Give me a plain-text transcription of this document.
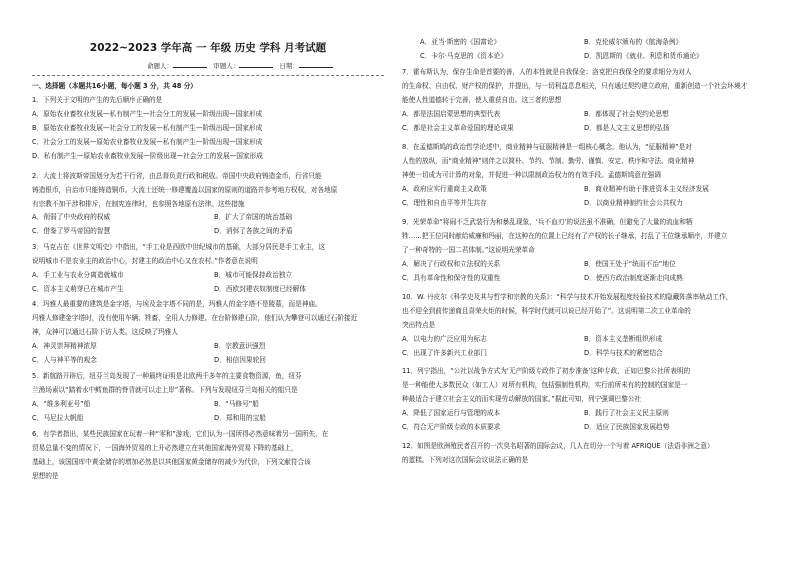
2022~2023 学年高 一 年级 历史 学科 月考试题
命题人：	审题人：	日期：
一、选择题（本题共16小题，每小题 3 分，共 48 分）
1．下列关于文明的产生的先后顺序正确的是
A．原始农业畜牧业发展—私有制产生—社会分工的发展—阶级出现—国家形成
B．原始农业畜牧业发展—社会分工的发展—私有制产生—阶级出现—国家形成
C．社会分工的发展—原始农业畜牧业发展—私有制产生—阶级出现—国家形成
D．私有制产生—原始农业畜牧业发展—阶级出现—社会分工的发展—国家形成
2．大流士将波斯帝国划分为若干行省，由总督负责行政和税收。帝国中央政府铸造金币，行省只能
铸造银币，自治市只能铸造铜币。大流士还统一修建覆盖以国家的原则的道路并参考地方权权，对各地原
有宗教不加干涉和排斥，在制宪连律时，也参照各地原有法律。这些措施
A．削弱了中央政府的权威	B．扩大了帝国的统治基础
C．借鉴了罗马帝国的智慧	D．消弭了各族之间的矛盾
3．马克吉在《世界文明史》中指出，“手工业是西欧中世纪城市的基础，大部分居民是手工业主，这
说明城市不是农业主的政治中心，封建主的政治中心又在农村。”作者意在说明
A．手工业与农业分离造就城市	B．城市可能保持政治独立
C．资本主义萌芽已在城市产生	D．西欧封建农奴制度已经解体
4．玛雅人最重要的建筑是金字塔，与埃及金字塔不同的是，玛雅人的金字塔不是陵墓，而是神庙。
玛雅人修建金字塔时，没有使用车辆、牲畜，全用人力修建。在台阶修建石阶，他们认为攀登可以通过石阶接近
神，众神可以通过石阶下访人类。这反映了玛雅人
A．神灵崇拜精神浓厚	B．宗教意识强烈
C．人与神平等的观念	D．相信因果轮回
5．新航路开辟后，纽芬兰岛发现了一种最终证明是北欧两千多年的主要食物资源，鱼，纽芬
兰渔场素以“踏着水中鳕鱼群的脊背就可以走上岸”著称。下列与发现纽芬兰岛相关的船只是
A．“维多利亚号”船	B．“马修号”船
C．马尼拉大帆船	D．郑和用的宝船
6．有学者指出，某些民族国家在玩着一种“零和”游戏，它们认为一国所得必然意味着另一国所失，在
贸易总量不变的情况下，一国海外贸易的上升必然建立在其他国家海外贸易下降的基础上，
基础上，该国国库中黄金储存的增加必然是以其他国家黄金储存的减少为代价，下列文献符合该
思想的是
A．亚当·斯密的《国富论》	B．克伦威尔颁布的《航海条例》
C．卡尔·马克思的《资本论》	D．凯恩斯的《就业、利息和货币通论》
7．霍布斯认为，保存生命是首要的善，人的本性就是自我保全；洛克把自我保全的要求细分为对人
的生命权、自由权、财产权的保护，并提出，与一切利益息息相关，只有通过契约建立政府，重新创造一个社会环境才
能使人性道德转于完善，使人重获自由。这三者的思想
A．都是法国启蒙思想的典型代表	B．都体现了社会契约论思想
C．都是社会主义革命爱国的理论成果	D．都是人文主义思想的弘扬
8．在孟德斯鸠的政治哲学论述中，商业精神与征服精神是一组核心概念。他认为，“征服精神”是对
人性的放纵，而“商业精神”则伴之以简朴、节约、节制、勤劳、谨慎、安定、秩序和守法。商业精神
神使一切成为可计算的对象，并促进一种以限制政治权力的有效手段。孟德斯鸠意在强调
A．政府应实行重商主义政策	B．商业精神有助于推进资本主义经济发展
C．理性和自由平等并生共存	D．以商业精神制约社会公共权力
9．光荣革命“将闹不乏武装行为和暴乱现象，‘兵不血刃’的说法虽不准确，但避免了大量的流血和牺
牲……把王位同时献给威廉和玛丽，在这种在的位置上已经有了产权的长子继承，打乱了王位继承顺序，并建立
了一种奇特的一国二君体制。”这说明光荣革命
A．解决了行政权和立法权的关系	B．使国王处于“统而不治”地位
C．具有革命性和保守性的双重性	D．使西方政治制度逐渐走向成熟
10．W. 丹皮尔《科学史及其与哲学和宗教的关系》：“科学与技术开始发展程度经验技术的隐藏阵落率轨动工作，
也不迎全到前传递商且喜荣火炬的时候，科学时代就可以说已经开始了”。这说明第二次工业革命的
突出特点是
A．以电力的广泛应用为标志	B．资本主义垄断组织形成
C．出现了许多新兴工业部门	D．科学与技术的紧密结合
11．列宁指出，“公社以战争方式为‘无产阶级专政作了初步准备’这种专政，正如巴黎公社所表明的
是一种能使大多数民众（如工人）对所有机构，包括强制性机构，实行前所未有的控制的国家是一
种最适合于建立社会主义的而实现劳动解放的国家。”据此可知，列宁强调巴黎公社
A．降低了国家运行与管理的成本	B．践行了社会主义民主原则
C．符合无产阶级专政的本质要求	D．适应了民族国家发展趋势
12．如图是欧洲殖民者召开的一次臭名昭著的国际会议，几人在切分一个写着 AFRIQUE（法语非洲之意）
的蛋糕。下列对这次国际会议说法正确的是
